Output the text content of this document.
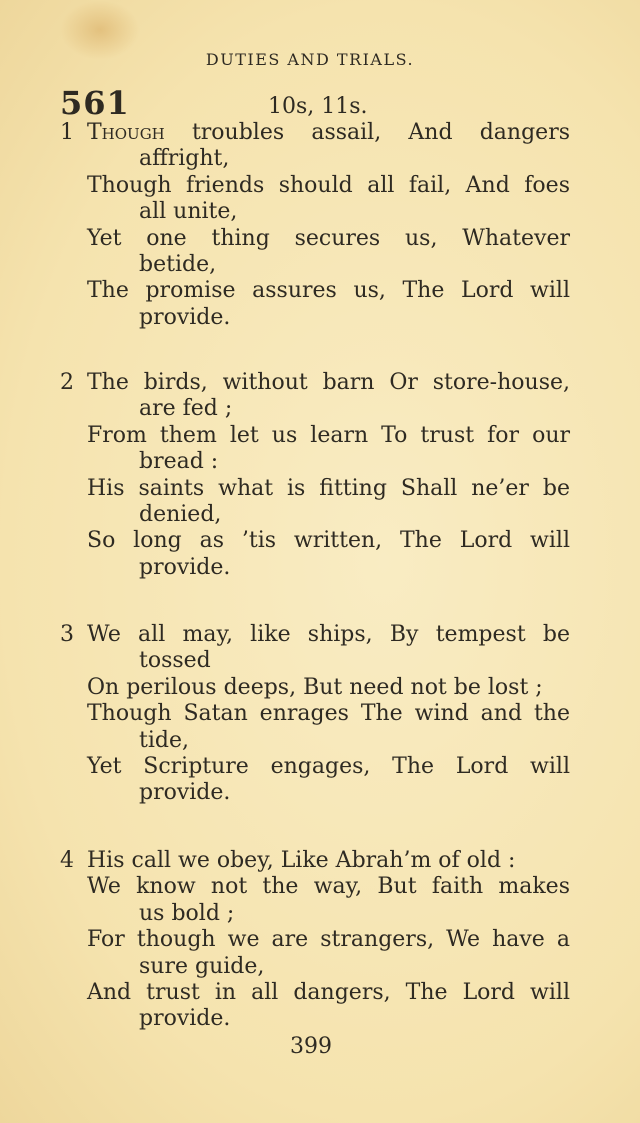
DUTIES AND TRIALS.
561	10s, 11s.
1 Though troubles assail, And dangers
affright,
Though friends should all fail, And foes
all unite,
Yet one thing secures us, Whatever
betide,
The promise assures us, The Lord will
provide.
2 The birds, without barn Or store-house,
are fed ;
From them let us learn To trust for our
bread :
His saints what is fitting Shall ne’er be
denied,
So long as ’tis written, The Lord will
provide.
3 We all may, like ships, By tempest be
tossed
On perilous deeps, But need not be lost ;
Though Satan enrages The wind and the
tide,
Yet Scripture engages, The Lord will
provide.
4 His call we obey, Like Abrah’m of old :
We know not the way, But faith makes
us bold ;
For though we are strangers, We have a
sure guide,
And trust in all dangers, The Lord will
provide.
399
